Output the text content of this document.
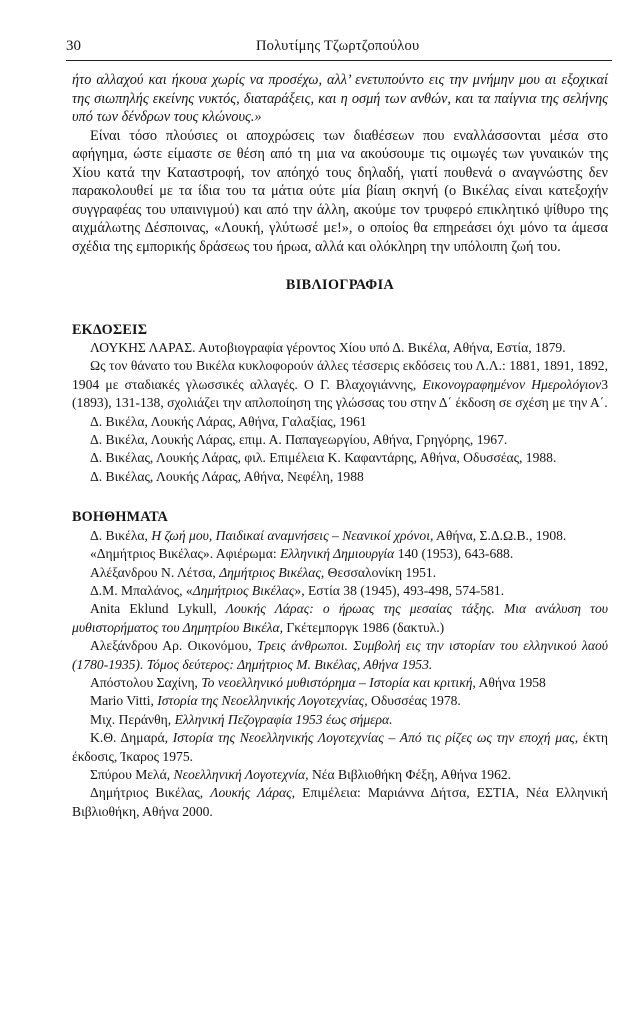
30	Πολυτίμης Τζωρτζοπούλου

ήτο αλλαχού και ήκουα χωρίς να προσέχω, αλλ’ ενετυπούντο εις την μνήμην μου αι εξοχικαί της σιωπηλής εκείνης νυκτός, διαταράξεις, και η οσμή των ανθών, και τα παίγνια της σελήνης υπό των δένδρων τους κλώνους.»

Είναι τόσο πλούσιες οι αποχρώσεις των διαθέσεων που εναλλάσσονται μέσα στο αφήγημα, ώστε είμαστε σε θέση από τη μια να ακούσουμε τις οιμωγές των γυναικών της Χίου κατά την Καταστροφή, τον απόηχό τους δηλαδή, γιατί πουθενά ο αναγνώστης δεν παρακολουθεί με τα ίδια του τα μάτια ούτε μία βίαιη σκηνή (ο Βικέλας είναι κατεξοχήν συγγραφέας του υπαινιγμού) και από την άλλη, ακούμε τον τρυφερό επικλητικό ψίθυρο της αιχμάλωτης Δέσποινας, «Λουκή, γλύτωσέ με!», ο οποίος θα επηρεάσει όχι μόνο τα άμεσα σχέδια της εμπορικής δράσεως του ήρωα, αλλά και ολόκληρη την υπόλοιπη ζωή του.

ΒΙΒΛΙΟΓΡΑΦΙΑ
ΕΚΔΟΣΕΙΣ

ΛΟΥΚΗΣ ΛΑΡΑΣ. Αυτοβιογραφία γέροντος Χίου υπό Δ. Βικέλα, Αθήνα, Εστία, 1879.

Ως τον θάνατο του Βικέλα κυκλοφορούν άλλες τέσσερις εκδόσεις του Λ.Λ.: 1881, 1891, 1892, 1904 με σταδιακές γλωσσικές αλλαγές. Ο Γ. Βλαχογιάννης, Εικονογραφημένον Ημερολόγιον3 (1893), 131-138, σχολιάζει την απλοποίηση της γλώσσας του στην Δ΄ έκδοση σε σχέση με την Α΄.

Δ. Βικέλα, Λουκής Λάρας, Αθήνα, Γαλαξίας, 1961

Δ. Βικέλα, Λουκής Λάρας, επιμ. Α. Παπαγεωργίου, Αθήνα, Γρηγόρης, 1967.

Δ. Βικέλας, Λουκής Λάρας, φιλ. Επιμέλεια Κ. Καφαντάρης, Αθήνα, Οδυσσέας, 1988.

Δ. Βικέλας, Λουκής Λάρας, Αθήνα, Νεφέλη, 1988

ΒΟΗΘΗΜΑΤΑ

Δ. Βικέλα, Η ζωή μου, Παιδικαί αναμνήσεις – Νεανικοί χρόνοι, Αθήνα, Σ.Δ.Ω.Β., 1908.

«Δημήτριος Βικέλας». Αφιέρωμα: Ελληνική Δημιουργία 140 (1953), 643-688.

Αλέξανδρου Ν. Λέτσα, Δημήτριος Βικέλας, Θεσσαλονίκη 1951.

Δ.Μ. Μπαλάνος, «Δημήτριος Βικέλας», Εστία 38 (1945), 493-498, 574-581.

Anita Eklund Lykull, Λουκής Λάρας: ο ήρωας της μεσαίας τάξης. Μια ανάλυση του μυθιστορήματος του Δημητρίου Βικέλα, Γκέτεμποργκ 1986 (δακτυλ.)

Αλεξάνδρου Αρ. Οικονόμου, Τρεις άνθρωποι. Συμβολή εις την ιστορίαν του ελληνικού λαού (1780-1935). Τόμος δεύτερος: Δημήτριος Μ. Βικέλας, Αθήνα 1953.

Απόστολου Σαχίνη, Το νεοελληνικό μυθιστόρημα – Ιστορία και κριτική, Αθήνα 1958

Mario Vitti, Ιστορία της Νεοελληνικής Λογοτεχνίας, Οδυσσέας 1978.

Μιχ. Περάνθη, Ελληνική Πεζογραφία 1953 έως σήμερα.

Κ.Θ. Δημαρά, Ιστορία της Νεοελληνικής Λογοτεχνίας – Από τις ρίζες ως την εποχή μας, έκτη έκδοσις, Ίκαρος 1975.

Σπύρου Μελά, Νεοελληνική Λογοτεχνία, Νέα Βιβλιοθήκη Φέξη, Αθήνα 1962.

Δημήτριος Βικέλας, Λουκής Λάρας, Επιμέλεια: Μαριάννα Δήτσα, ΕΣΤΙΑ, Νέα Ελληνική Βιβλιοθήκη, Αθήνα 2000.
